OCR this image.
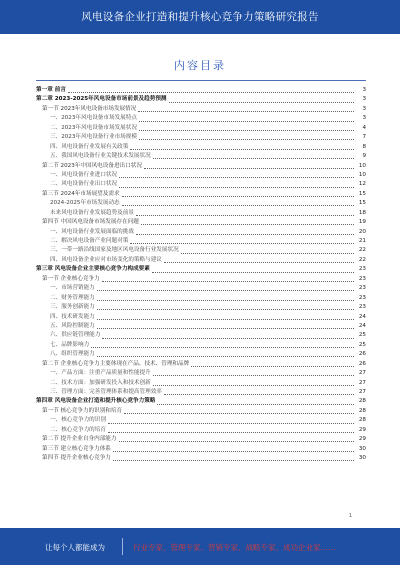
风电设备企业打造和提升核心竞争力策略研究报告
内容目录
第一章 前言	3
第二章 2023-2025年风电设备市场前景及趋势预测	3
第一节 2023年风电设备市场发展情况	3
一、2023年风电设备市场发展特点	3
二、2023年风电设备市场发展状况	4
三、2023年风电设备行业市场规模	7
四、风电设备行业发展有关政策	8
五、我国风电设备行业关键技术发展状况	9
第二节 2023年中国风电设备进出口状况	10
一、风电设备行业进口状况	10
二、风电设备行业出口状况	12
第三节 2024年市场展望及需求	15
2024-2025年市场发展动态	15
未来风电设备行业发展趋势及前景	18
第四节 中国风电设备市场发展存在问题	19
一、风电设备行业发展面临的挑战	20
二、解决风电设备产业问题对策	21
三、一带一路沿线国家及地区风电设备行业发展状况	22
四、风电设备企业应对市场变化的策略与建议	22
第三章 风电设备企业主要核心竞争力构成要素	23
第一节 企业核心竞争力	23
一、市场营销能力	23
二、财务管理能力	23
三、服务创新能力	23
四、技术研发能力	24
五、风险控制能力	24
六、供应链管理能力	25
七、品牌影响力	25
八、组织管理能力	26
第二节 企业核心竞争力主要体现在产品、技术、管理和品牌	26
一、产品方面：注重产品质量和性能提升	27
二、技术方面：加强研发投入和技术创新	27
三、管理方面：完善管理体系和提高管理效率	27
第四章 风电设备企业打造和提升核心竞争力策略	28
第一节 核心竞争力的识别和培育	28
一、核心竞争力的识别	28
二、核心竞争力的培育	29
第二节 提升企业自身内部能力	29
第三节 建立核心竞争力体系	30
第四节 提升企业核心竞争力	30
1
让每个人都能成为	行业专家、管理专家、营销专家、战略专家、成功企业家……
